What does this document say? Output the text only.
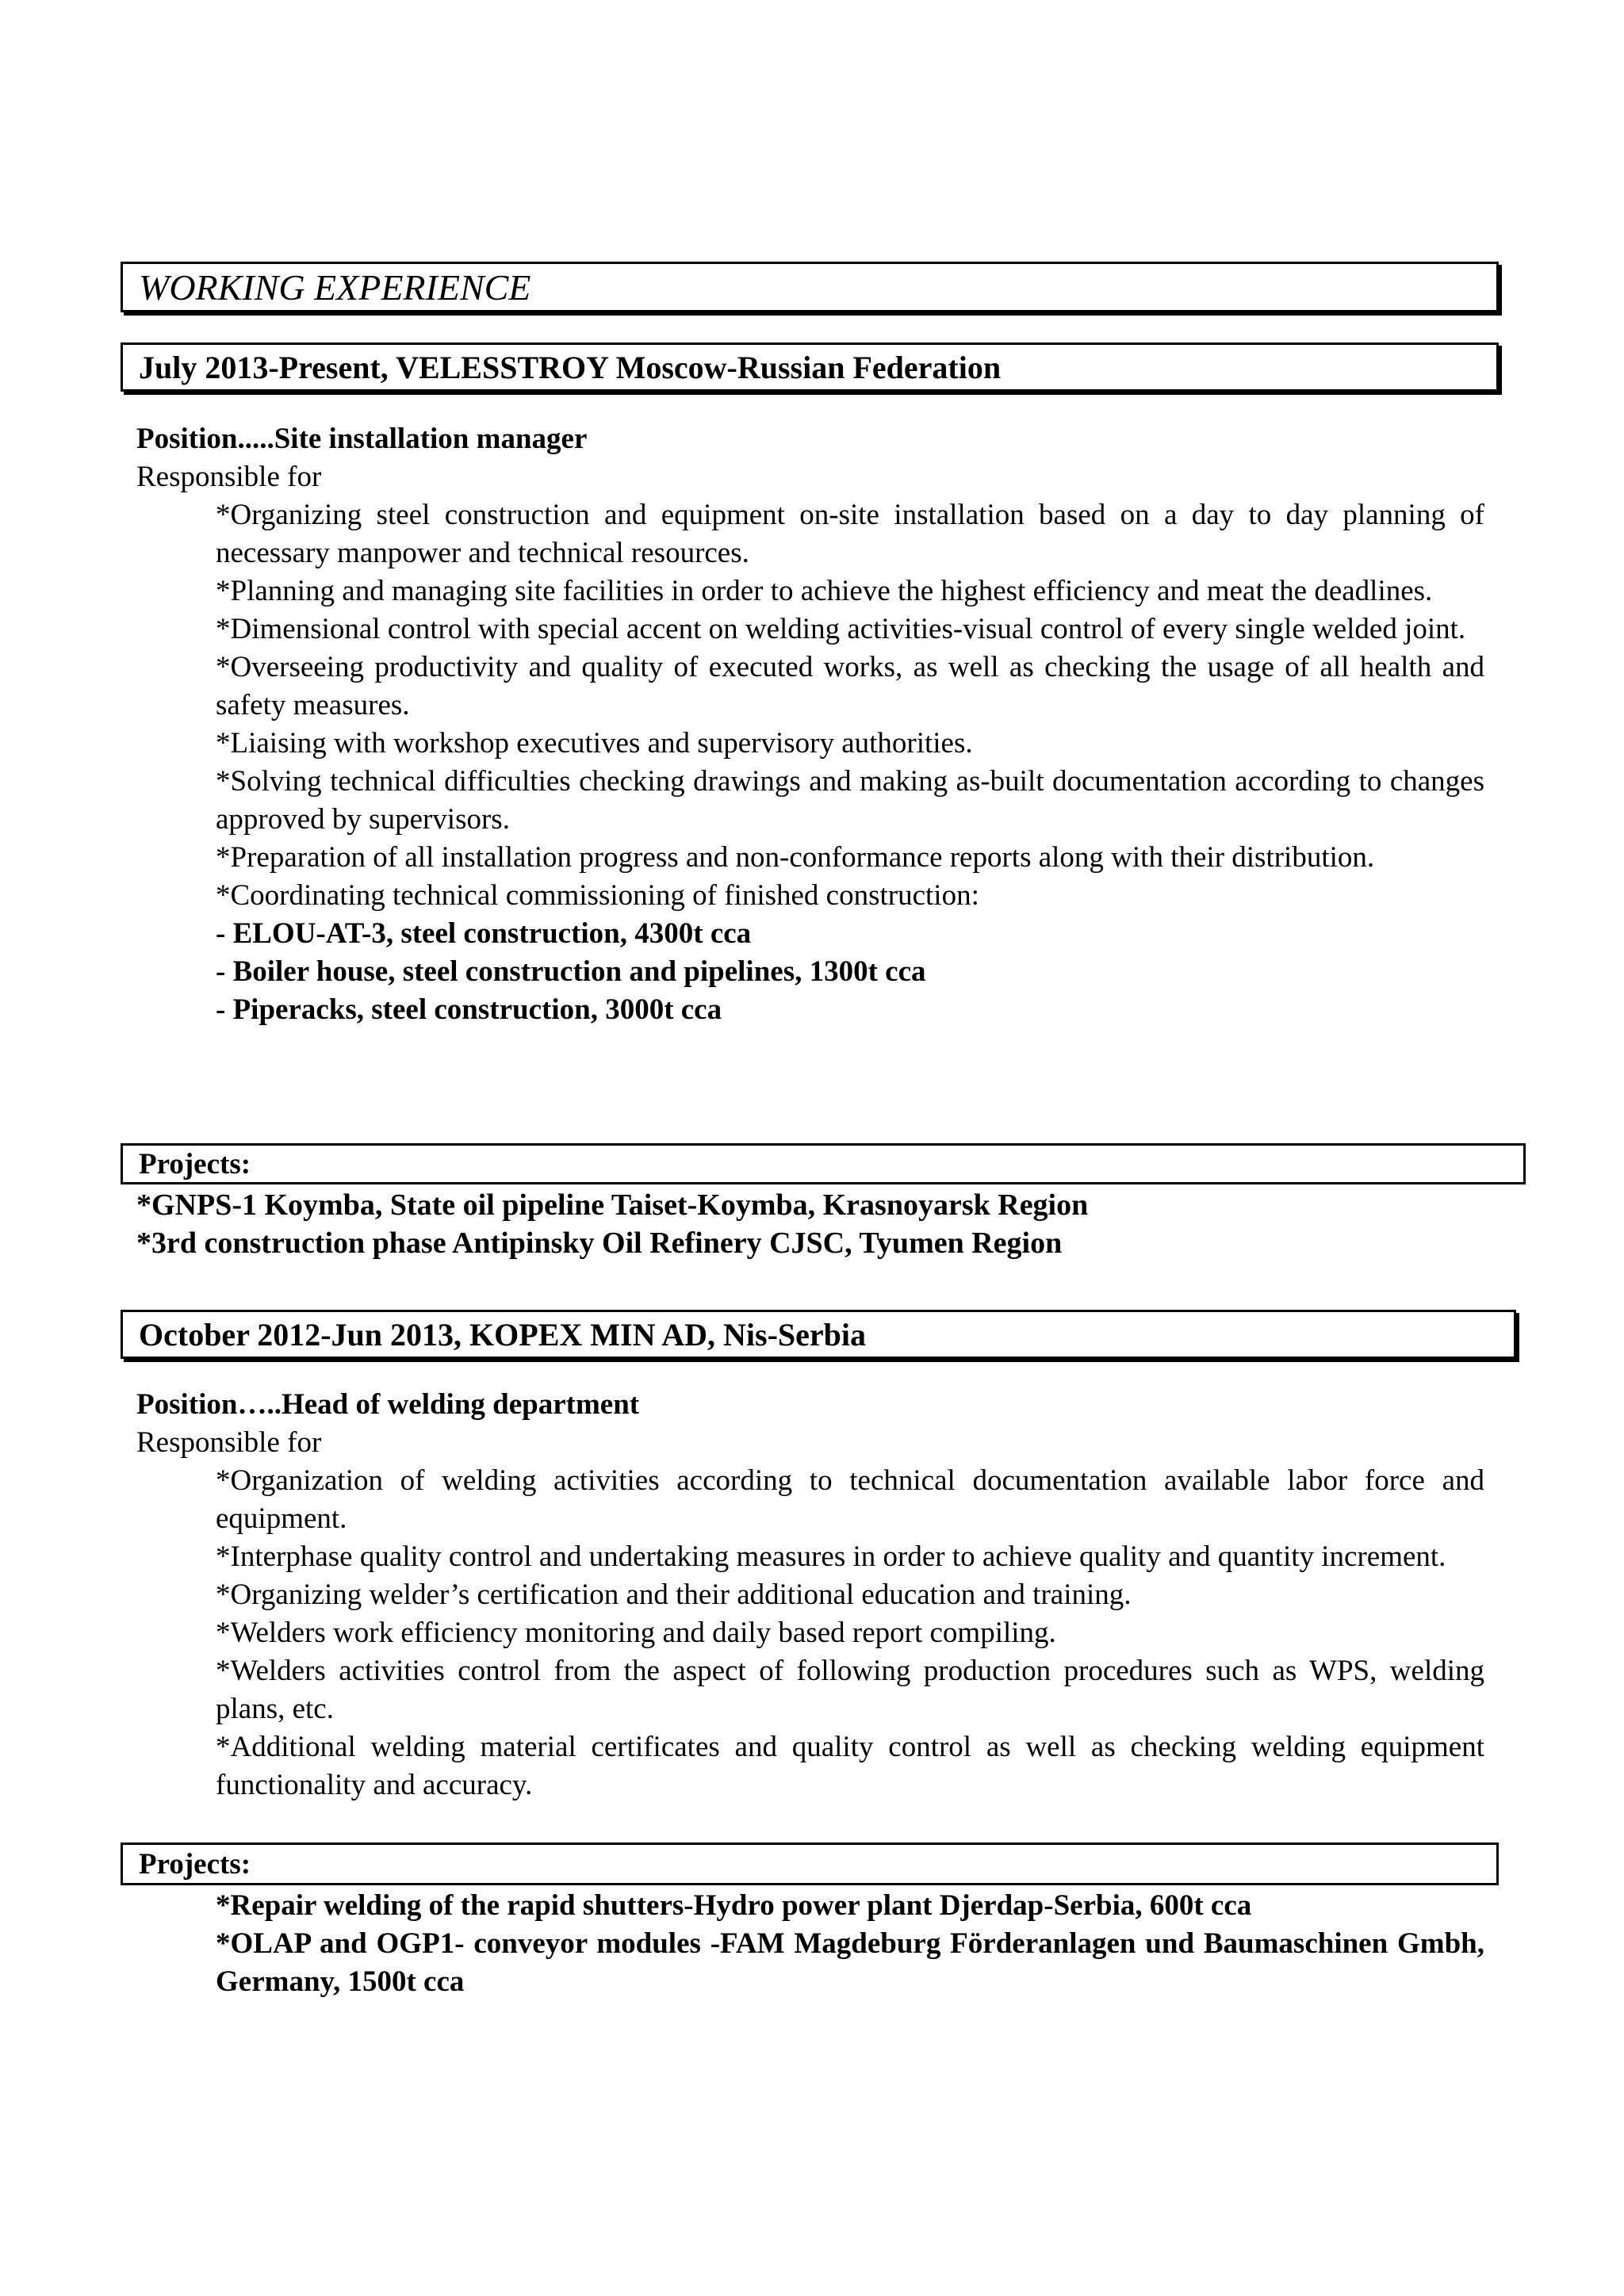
WORKING EXPERIENCE
July 2013-Present, VELESSTROY Moscow-Russian Federation
Position.....Site installation manager
Responsible for
*Organizing steel construction and equipment on-site installation based on a day to day planning of necessary manpower and technical resources.
*Planning and managing site facilities in order to achieve the highest efficiency and meat the deadlines.
*Dimensional control with special accent on welding activities-visual control of every single welded joint.
*Overseeing productivity and quality of executed works, as well as checking the usage of all health and safety measures.
*Liaising with workshop executives and supervisory authorities.
*Solving technical difficulties checking drawings and making as-built documentation according to changes approved by supervisors.
*Preparation of all installation progress and non-conformance reports along with their distribution.
*Coordinating technical commissioning of finished construction:
- ELOU-AT-3, steel construction, 4300t cca
- Boiler house, steel construction and pipelines, 1300t cca
- Piperacks, steel construction, 3000t cca
Projects:
*GNPS-1 Koymba, State oil pipeline Taiset-Koymba, Krasnoyarsk Region
*3rd construction phase Antipinsky Oil Refinery CJSC, Tyumen Region
October 2012-Jun 2013, KOPEX MIN AD, Nis-Serbia
Position…..Head of welding department
Responsible for
*Organization of welding activities according to technical documentation available labor force and equipment.
*Interphase quality control and undertaking measures in order to achieve quality and quantity increment.
*Organizing welder’s certification and their additional education and training.
*Welders work efficiency monitoring and daily based report compiling.
*Welders activities control from the aspect of following production procedures such as WPS, welding plans, etc.
*Additional welding material certificates and quality control as well as checking welding equipment functionality and accuracy.
Projects:
*Repair welding of the rapid shutters-Hydro power plant Djerdap-Serbia, 600t cca
*OLAP and OGP1- conveyor modules -FAM Magdeburg Förderanlagen und Baumaschinen Gmbh, Germany, 1500t cca
